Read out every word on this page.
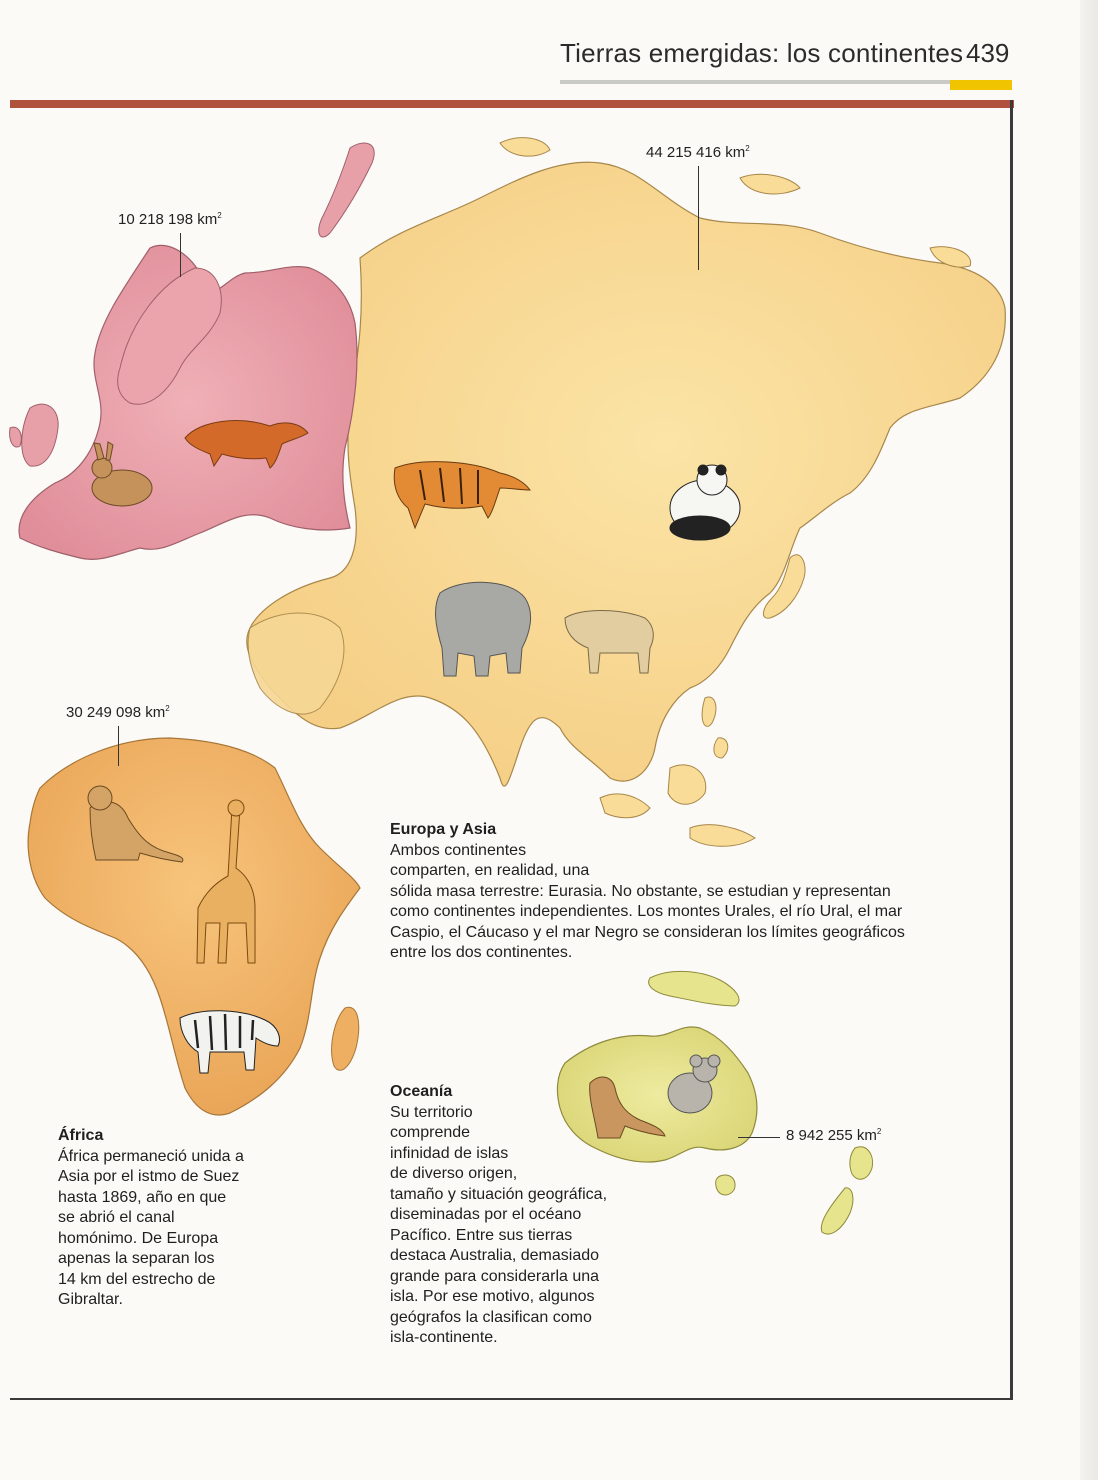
Tierras emergidas: los continentes 439
10 218 198 $km^2$
44 215 416 $km^2$
30 249 098 $km^2$
8 942 255 $km^2$
Europa y Asia

Ambos continentes

comparten, en realidad, una

sólida masa terrestre: Eurasia. No obstante, se estudian y representan

como continentes independientes. Los montes Urales, el río Ural, el mar

Caspio, el Cáucaso y el mar Negro se consideran los límites geográficos

entre los dos continentes.

África

África permaneció unida a

Asia por el istmo de Suez

hasta 1869, año en que

se abrió el canal

homónimo. De Europa

apenas la separan los

14 km del estrecho de

Gibraltar.

Oceanía

Su territorio

comprende

infinidad de islas

de diverso origen,

tamaño y situación geográfica,

diseminadas por el océano

Pacífico. Entre sus tierras

destaca Australia, demasiado

grande para considerarla una

isla. Por ese motivo, algunos

geógrafos la clasifican como

isla-continente.
